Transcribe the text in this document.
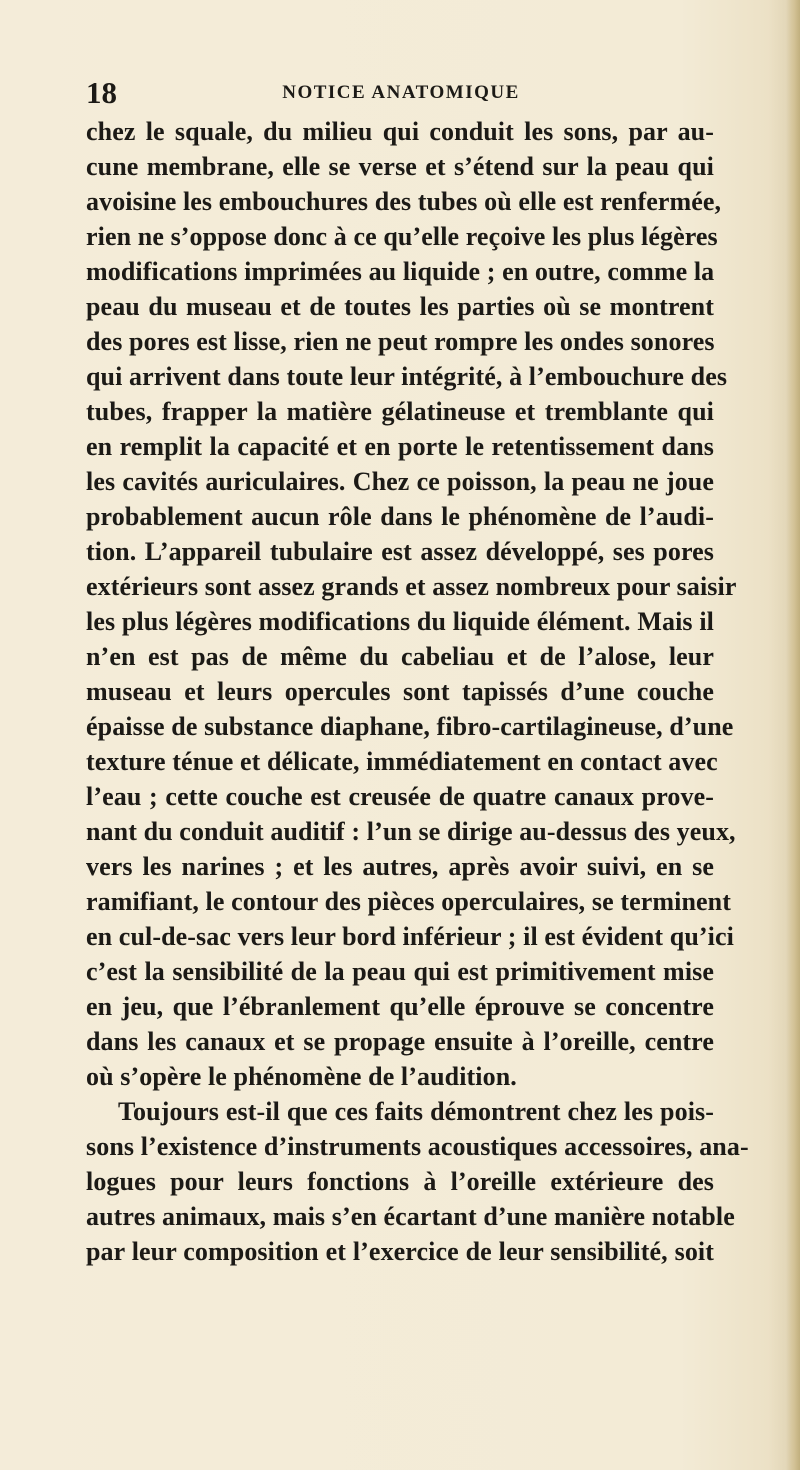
18	NOTICE ANATOMIQUE
chez le squale, du milieu qui conduit les sons, par au-
cune membrane, elle se verse et s’étend sur la peau qui
avoisine les embouchures des tubes où elle est renfermée,
rien ne s’oppose donc à ce qu’elle reçoive les plus légères
modifications imprimées au liquide ; en outre, comme la
peau du museau et de toutes les parties où se montrent
des pores est lisse, rien ne peut rompre les ondes sonores
qui arrivent dans toute leur intégrité, à l’embouchure des
tubes, frapper la matière gélatineuse et tremblante qui
en remplit la capacité et en porte le retentissement dans
les cavités auriculaires. Chez ce poisson, la peau ne joue
probablement aucun rôle dans le phénomène de l’audi-
tion. L’appareil tubulaire est assez développé, ses pores
extérieurs sont assez grands et assez nombreux pour saisir
les plus légères modifications du liquide élément. Mais il
n’en est pas de même du cabeliau et de l’alose, leur
museau et leurs opercules sont tapissés d’une couche
épaisse de substance diaphane, fibro-cartilagineuse, d’une
texture ténue et délicate, immédiatement en contact avec
l’eau ; cette couche est creusée de quatre canaux prove-
nant du conduit auditif : l’un se dirige au-dessus des yeux,
vers les narines ; et les autres, après avoir suivi, en se
ramifiant, le contour des pièces operculaires, se terminent
en cul-de-sac vers leur bord inférieur ; il est évident qu’ici
c’est la sensibilité de la peau qui est primitivement mise
en jeu, que l’ébranlement qu’elle éprouve se concentre
dans les canaux et se propage ensuite à l’oreille, centre
où s’opère le phénomène de l’audition.
Toujours est-il que ces faits démontrent chez les pois-
sons l’existence d’instruments acoustiques accessoires, ana-
logues pour leurs fonctions à l’oreille extérieure des
autres animaux, mais s’en écartant d’une manière notable
par leur composition et l’exercice de leur sensibilité, soit
